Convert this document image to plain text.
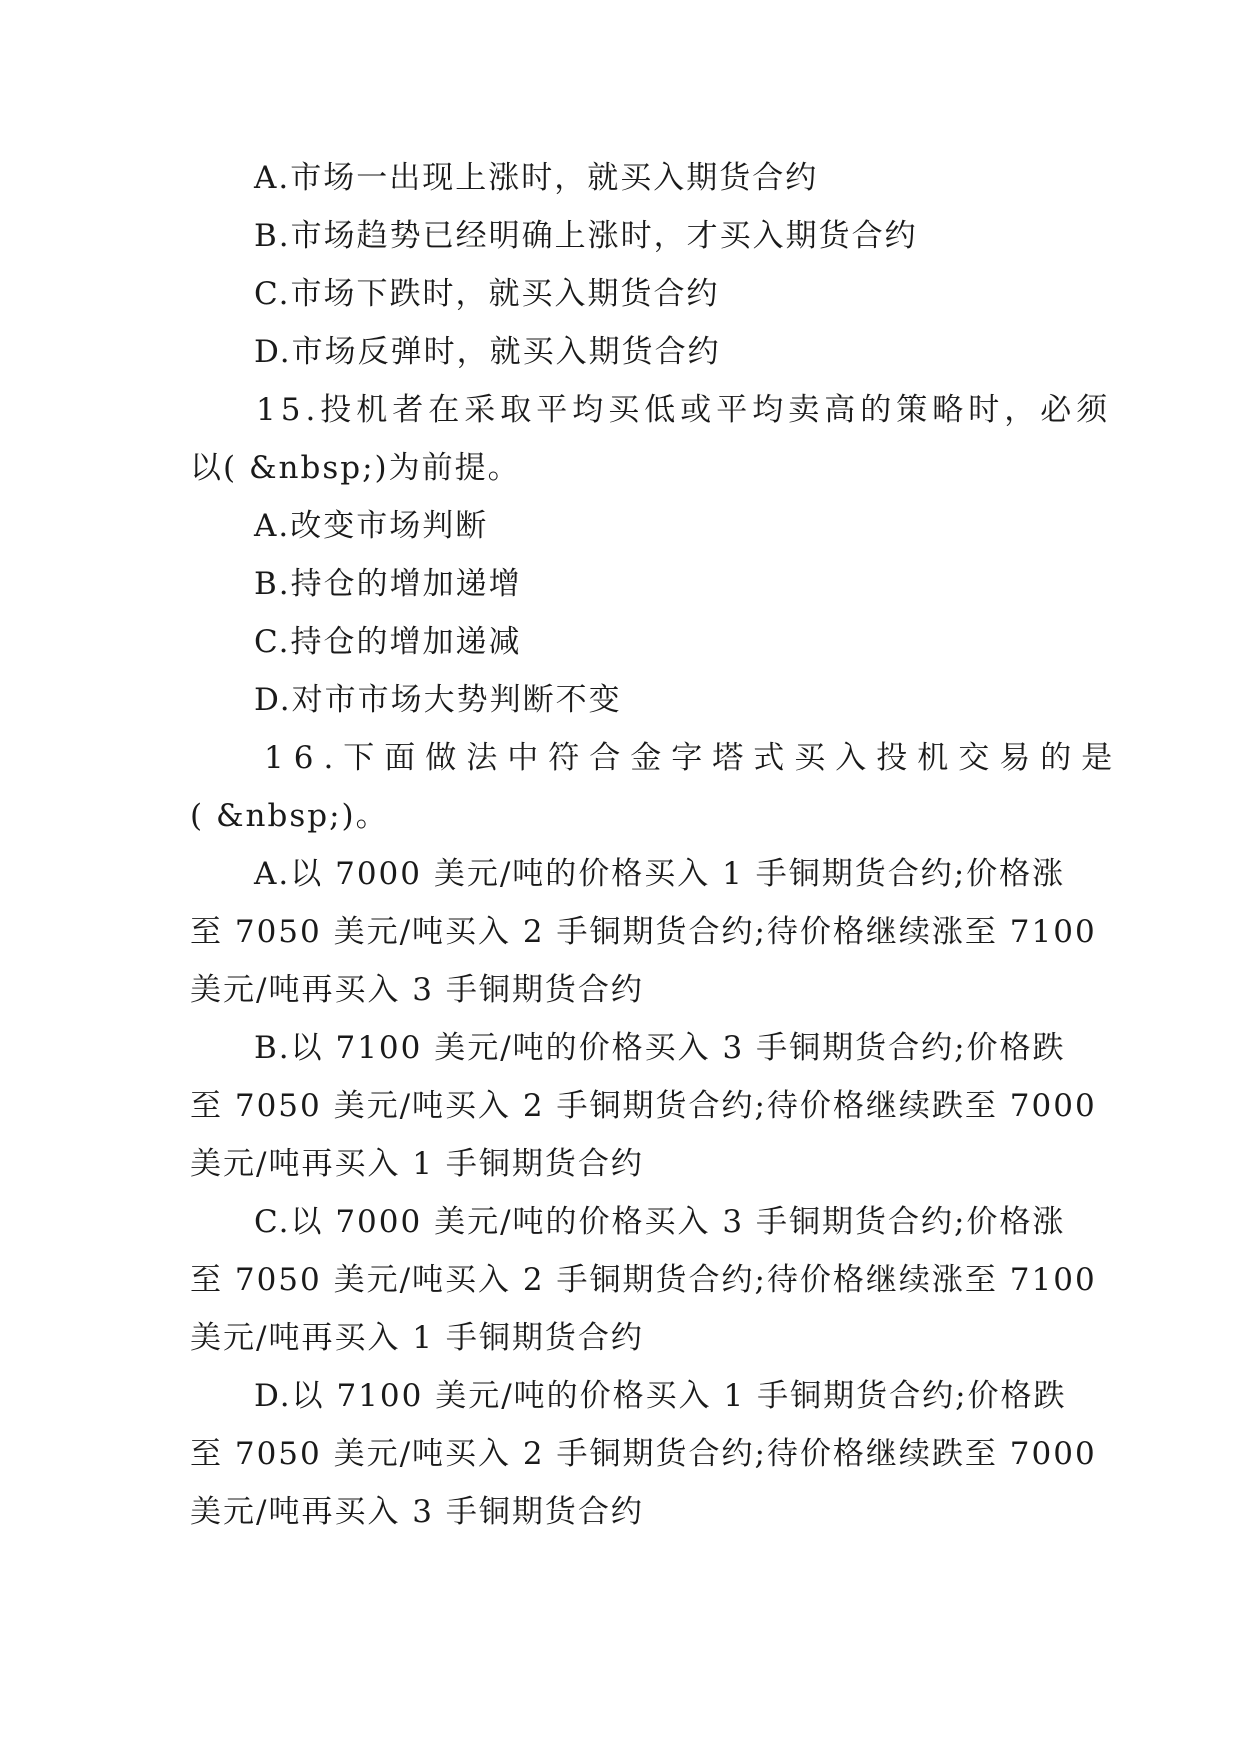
A.市场一出现上涨时，就买入期货合约
B.市场趋势已经明确上涨时，才买入期货合约
C.市场下跌时，就买入期货合约
D.市场反弹时，就买入期货合约
15.投机者在采取平均买低或平均卖高的策略时，必须
以( &nbsp;)为前提。
A.改变市场判断
B.持仓的增加递增
C.持仓的增加递减
D.对市市场大势判断不变
16.下面做法中符合金字塔式买入投机交易的是
( &nbsp;)。
A.以 7000 美元/吨的价格买入 1 手铜期货合约;价格涨
至 7050 美元/吨买入 2 手铜期货合约;待价格继续涨至 7100
美元/吨再买入 3 手铜期货合约
B.以 7100 美元/吨的价格买入 3 手铜期货合约;价格跌
至 7050 美元/吨买入 2 手铜期货合约;待价格继续跌至 7000
美元/吨再买入 1 手铜期货合约
C.以 7000 美元/吨的价格买入 3 手铜期货合约;价格涨
至 7050 美元/吨买入 2 手铜期货合约;待价格继续涨至 7100
美元/吨再买入 1 手铜期货合约
D.以 7100 美元/吨的价格买入 1 手铜期货合约;价格跌
至 7050 美元/吨买入 2 手铜期货合约;待价格继续跌至 7000
美元/吨再买入 3 手铜期货合约
